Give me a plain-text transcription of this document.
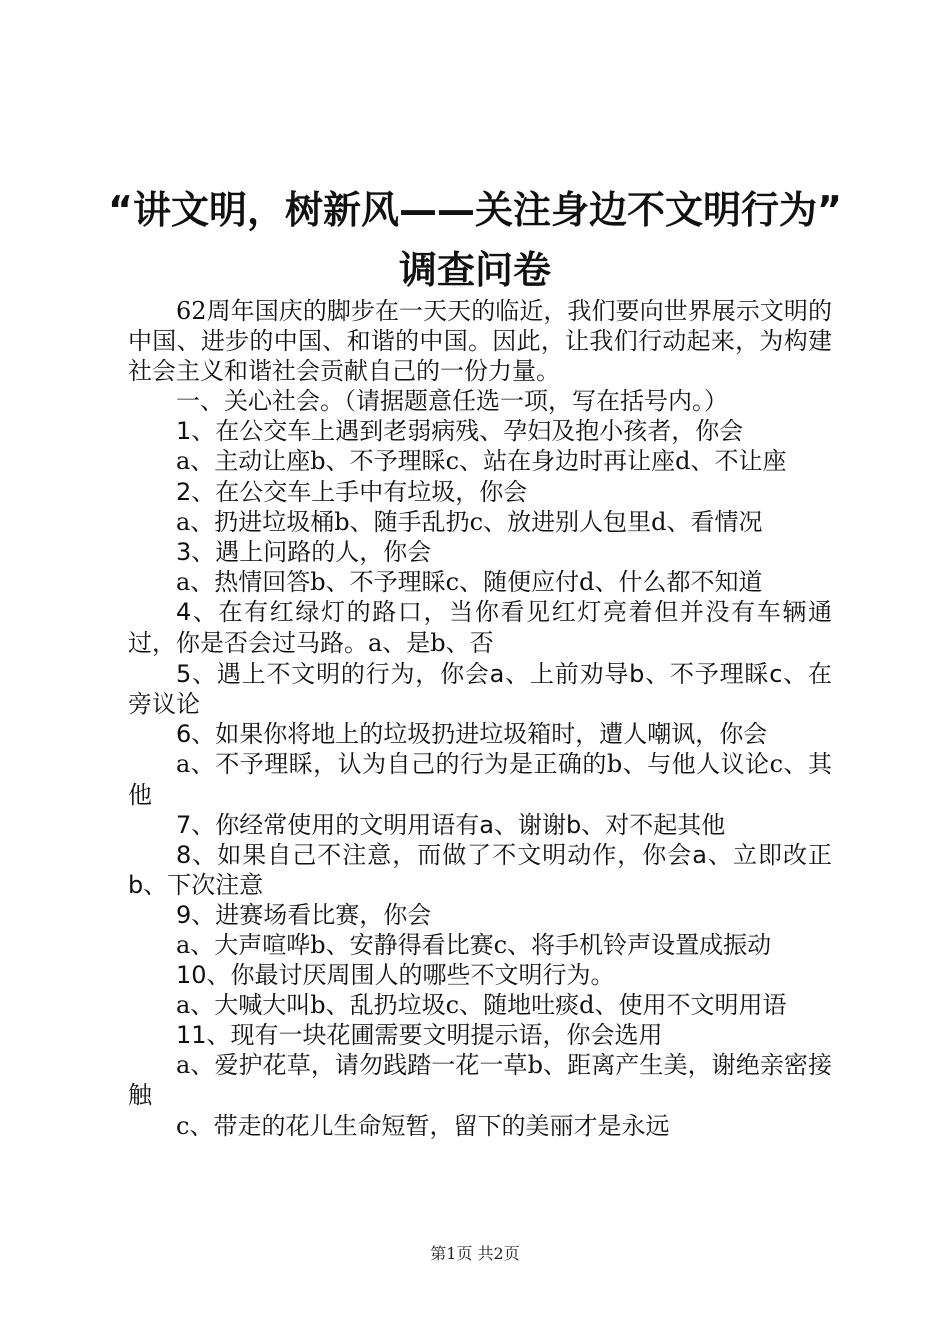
“讲文明，树新风——关注身边不文明行为”
调查问卷

62周年国庆的脚步在一天天的临近，我们要向世界展示文明的中国、进步的中国、和谐的中国。因此，让我们行动起来，为构建社会主义和谐社会贡献自己的一份力量。

一、关心社会。（请据题意任选一项，写在括号内。）

1、在公交车上遇到老弱病残、孕妇及抱小孩者，你会

a、主动让座b、不予理睬c、站在身边时再让座d、不让座

2、在公交车上手中有垃圾，你会

a、扔进垃圾桶b、随手乱扔c、放进别人包里d、看情况

3、遇上问路的人，你会

a、热情回答b、不予理睬c、随便应付d、什么都不知道

4、在有红绿灯的路口，当你看见红灯亮着但并没有车辆通过，你是否会过马路。a、是b、否

5、遇上不文明的行为，你会a、上前劝导b、不予理睬c、在旁议论

6、如果你将地上的垃圾扔进垃圾箱时，遭人嘲讽，你会

a、不予理睬，认为自己的行为是正确的b、与他人议论c、其他

7、你经常使用的文明用语有a、谢谢b、对不起其他

8、如果自己不注意，而做了不文明动作，你会a、立即改正b、下次注意

9、进赛场看比赛，你会

a、大声喧哗b、安静得看比赛c、将手机铃声设置成振动

10、你最讨厌周围人的哪些不文明行为。

a、大喊大叫b、乱扔垃圾c、随地吐痰d、使用不文明用语

11、现有一块花圃需要文明提示语，你会选用

a、爱护花草，请勿践踏一花一草b、距离产生美，谢绝亲密接触

c、带走的花儿生命短暂，留下的美丽才是永远

第1页 共2页
